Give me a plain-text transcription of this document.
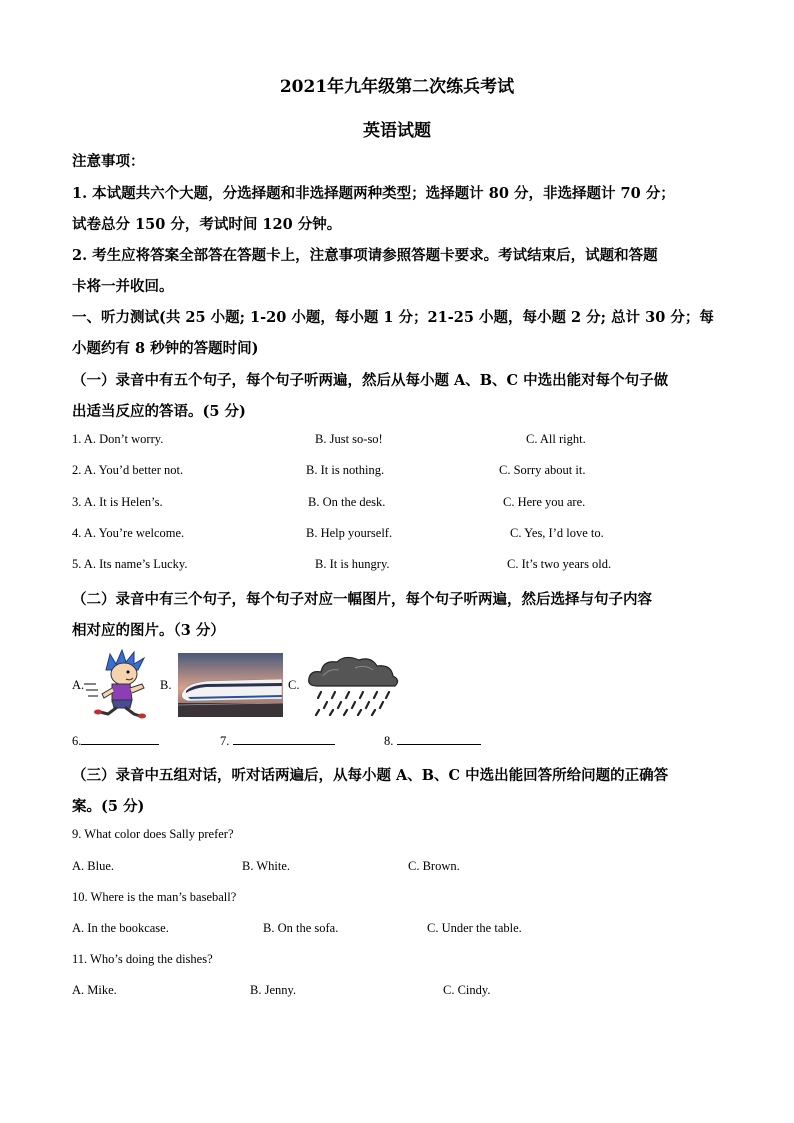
2021年九年级第二次练兵考试
英语试题
注意事项：
1. 本试题共六个大题，分选择题和非选择题两种类型；选择题计 80 分，非选择题计 70 分；
试卷总分 150 分，考试时间 120 分钟。
2. 考生应将答案全部答在答题卡上，注意事项请参照答题卡要求。考试结束后，试题和答题
卡将一并收回。
一、听力测试(共 25 小题; 1-20 小题，每小题 1 分；21-25 小题，每小题 2 分; 总计 30 分；每
小题约有 8 秒钟的答题时间)
（一）录音中有五个句子，每个句子听两遍，然后从每小题 A、B、C 中选出能对每个句子做
出适当反应的答语。(5 分)
1. A. Don’t worry.	B. Just so-so!	C. All right.
2. A. You’d better not.	B. It is nothing.	C. Sorry about it.
3. A. It is Helen’s.	B. On the desk.	C. Here you are.
4. A. You’re welcome.	B. Help yourself.	C. Yes, I’d love to.
5. A. Its name’s Lucky.	B. It is hungry.	C. It’s two years old.
（二）录音中有三个句子，每个句子对应一幅图片，每个句子听两遍，然后选择与句子内容
相对应的图片。（3 分）
A.	B.	C.
6.	7.	8.
（三）录音中五组对话，听对话两遍后，从每小题 A、B、C 中选出能回答所给问题的正确答
案。(5 分)
9. What color does Sally prefer?
A. Blue.	B. White.	C. Brown.
10. Where is the man’s baseball?
A. In the bookcase.	B. On the sofa.	C. Under the table.
11. Who’s doing the dishes?
A. Mike.	B. Jenny.	C. Cindy.
